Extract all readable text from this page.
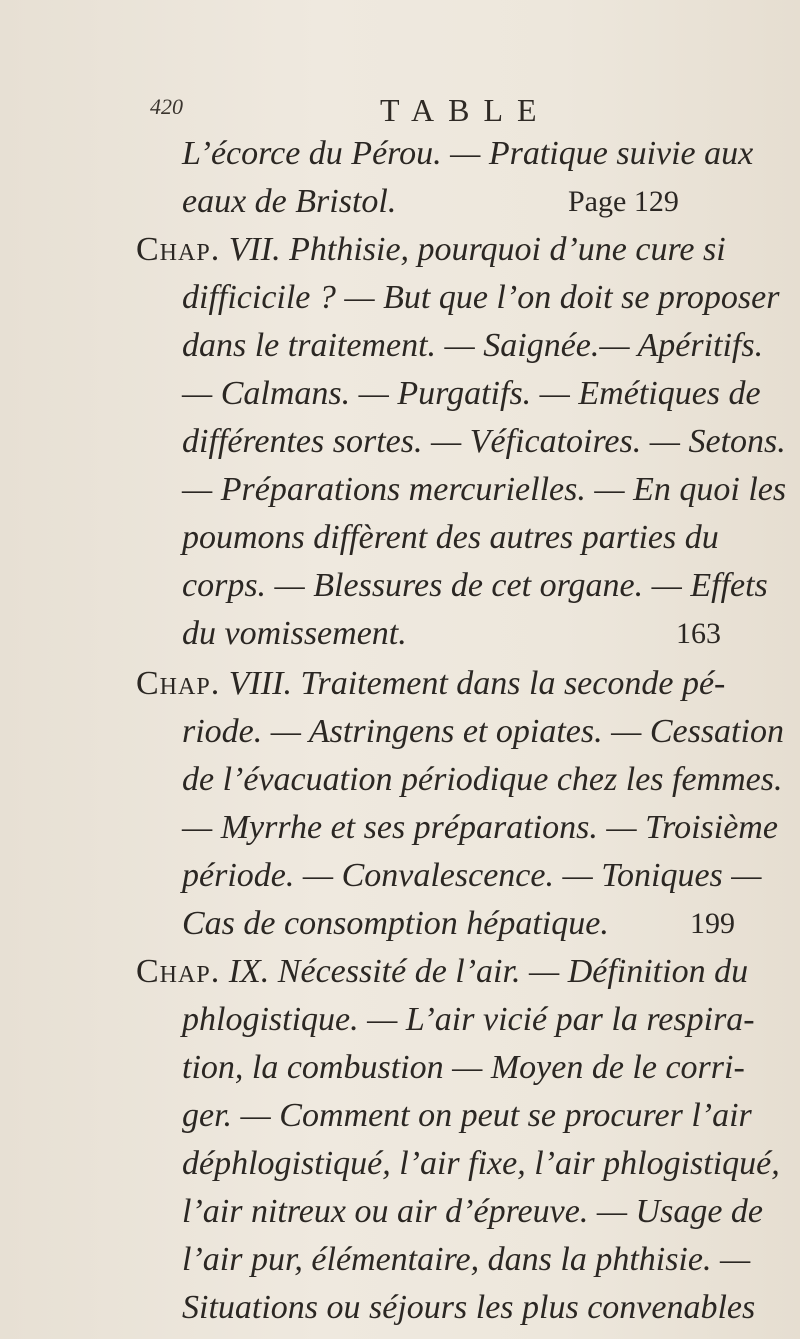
420	TABLE
L’écorce du Pérou. — Pratique suivie aux
eaux de Bristol.	Page 129
Chap. VII. Phthisie, pourquoi d’une cure si
difficicile ? — But que l’on doit se proposer
dans le traitement. — Saignée.— Apéritifs.
— Calmans. — Purgatifs. — Emétiques de
différentes sortes. — Véficatoires. — Setons.
— Préparations mercurielles. — En quoi les
poumons diffèrent des autres parties du
corps. — Blessures de cet organe. — Effets
du vomissement.	163
Chap. VIII. Traitement dans la seconde pé-
riode. — Astringens et opiates. — Cessation
de l’évacuation périodique chez les femmes.
— Myrrhe et ses préparations. — Troisième
période. — Convalescence. — Toniques —
Cas de consomption hépatique.	199
Chap. IX. Nécessité de l’air. — Définition du
phlogistique. — L’air vicié par la respira-
tion, la combustion — Moyen de le corri-
ger. — Comment on peut se procurer l’air
déphlogistiqué, l’air fixe, l’air phlogistiqué,
l’air nitreux ou air d’épreuve. — Usage de
l’air pur, élémentaire, dans la phthisie. —
Situations ou séjours les plus convenables
